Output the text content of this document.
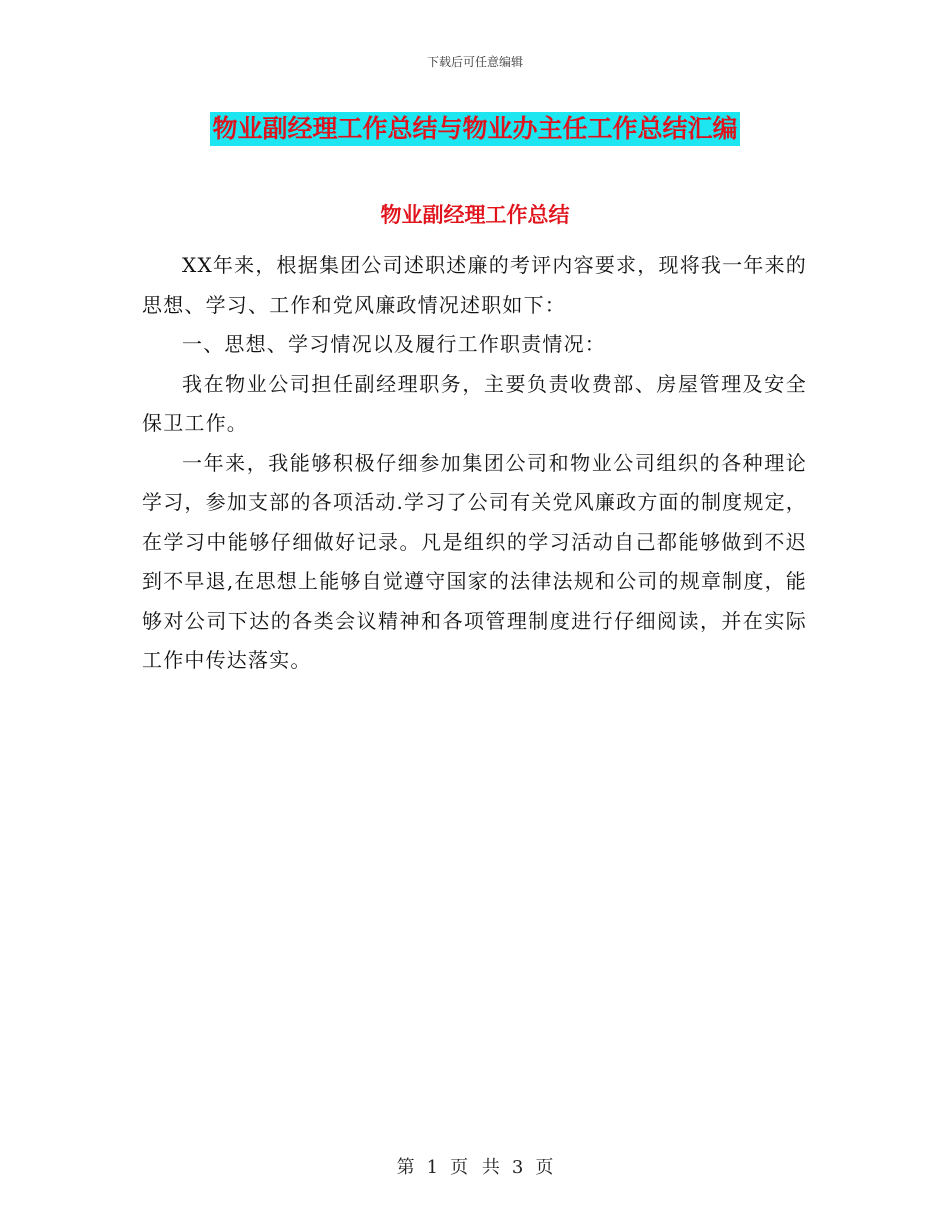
下载后可任意编辑
物业副经理工作总结与物业办主任工作总结汇编
物业副经理工作总结

XX年来，根据集团公司述职述廉的考评内容要求，现将我一年来的思想、学习、工作和党风廉政情况述职如下：

一、思想、学习情况以及履行工作职责情况：

我在物业公司担任副经理职务，主要负责收费部、房屋管理及安全保卫工作。

一年来，我能够积极仔细参加集团公司和物业公司组织的各种理论学习，参加支部的各项活动.学习了公司有关党风廉政方面的制度规定，在学习中能够仔细做好记录。凡是组织的学习活动自己都能够做到不迟到不早退,在思想上能够自觉遵守国家的法律法规和公司的规章制度，能够对公司下达的各类会议精神和各项管理制度进行仔细阅读，并在实际工作中传达落实。

第 1 页 共 3 页
